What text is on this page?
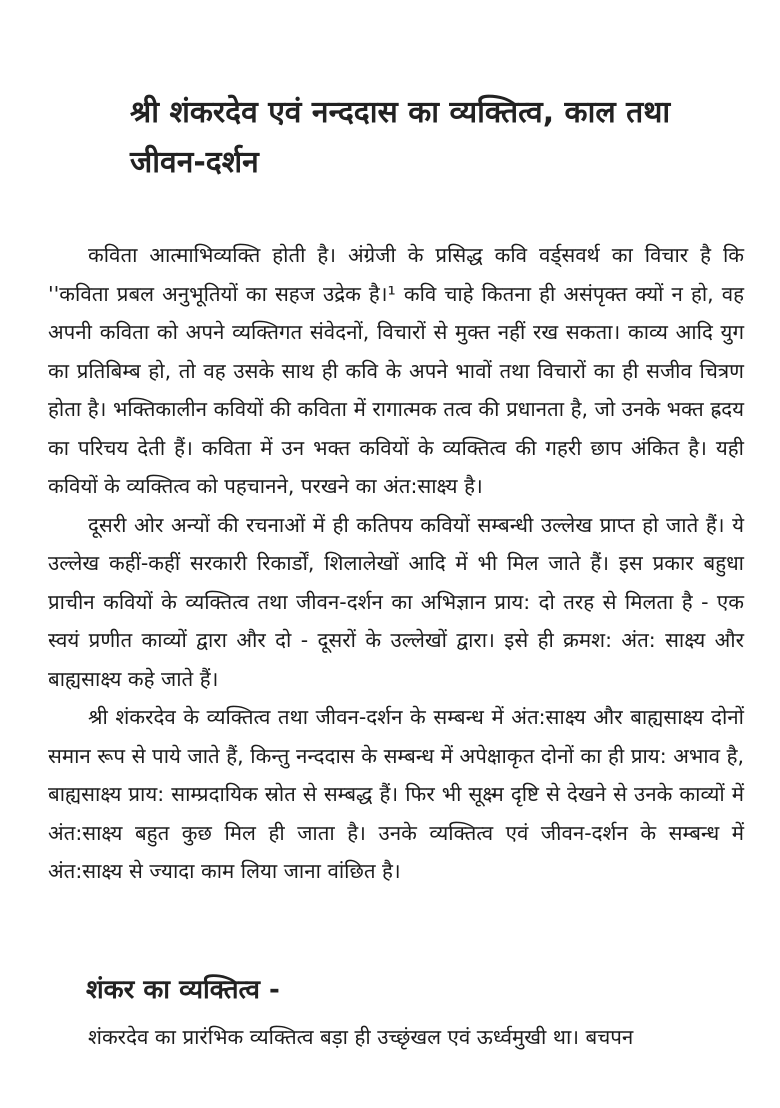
श्री शंकरदेव एवं नन्ददास का व्यक्तित्व, काल तथा जीवन-दर्शन

कविता आत्माभिव्यक्ति होती है। अंग्रेजी के प्रसिद्ध कवि वर्ड्सवर्थ का विचार है कि ''कविता प्रबल अनुभूतियों का सहज उद्रेक है।¹ कवि चाहे कितना ही असंपृक्त क्यों न हो, वह अपनी कविता को अपने व्यक्तिगत संवेदनों, विचारों से मुक्त नहीं रख सकता। काव्य आदि युग का प्रतिबिम्ब हो, तो वह उसके साथ ही कवि के अपने भावों तथा विचारों का ही सजीव चित्रण होता है। भक्तिकालीन कवियों की कविता में रागात्मक तत्व की प्रधानता है, जो उनके भक्त ह्रदय का परिचय देती हैं। कविता में उन भक्त कवियों के व्यक्तित्व की गहरी छाप अंकित है। यही कवियों के व्यक्तित्व को पहचानने, परखने का अंत:साक्ष्य है।

दूसरी ओर अन्यों की रचनाओं में ही कतिपय कवियों सम्बन्धी उल्लेख प्राप्त हो जाते हैं। ये उल्लेख कहीं-कहीं सरकारी रिकार्डों, शिलालेखों आदि में भी मिल जाते हैं। इस प्रकार बहुधा प्राचीन कवियों के व्यक्तित्व तथा जीवन-दर्शन का अभिज्ञान प्राय: दो तरह से मिलता है - एक स्वयं प्रणीत काव्यों द्वारा और दो - दूसरों के उल्लेखों द्वारा। इसे ही क्रमश: अंत: साक्ष्य और बाह्यसाक्ष्य कहे जाते हैं।

श्री शंकरदेव के व्यक्तित्व तथा जीवन-दर्शन के सम्बन्ध में अंत:साक्ष्य और बाह्यसाक्ष्य दोनों समान रूप से पाये जाते हैं, किन्तु नन्ददास के सम्बन्ध में अपेक्षाकृत दोनों का ही प्राय: अभाव है, बाह्यसाक्ष्य प्राय: साम्प्रदायिक स्रोत से सम्बद्ध हैं। फिर भी सूक्ष्म दृष्टि से देखने से उनके काव्यों में अंत:साक्ष्य बहुत कुछ मिल ही जाता है। उनके व्यक्तित्व एवं जीवन-दर्शन के सम्बन्ध में अंत:साक्ष्य से ज्यादा काम लिया जाना वांछित है।

शंकर का व्यक्तित्व -

शंकरदेव का प्रारंभिक व्यक्तित्व बड़ा ही उच्छृंखल एवं ऊर्ध्वमुखी था। बचपन
